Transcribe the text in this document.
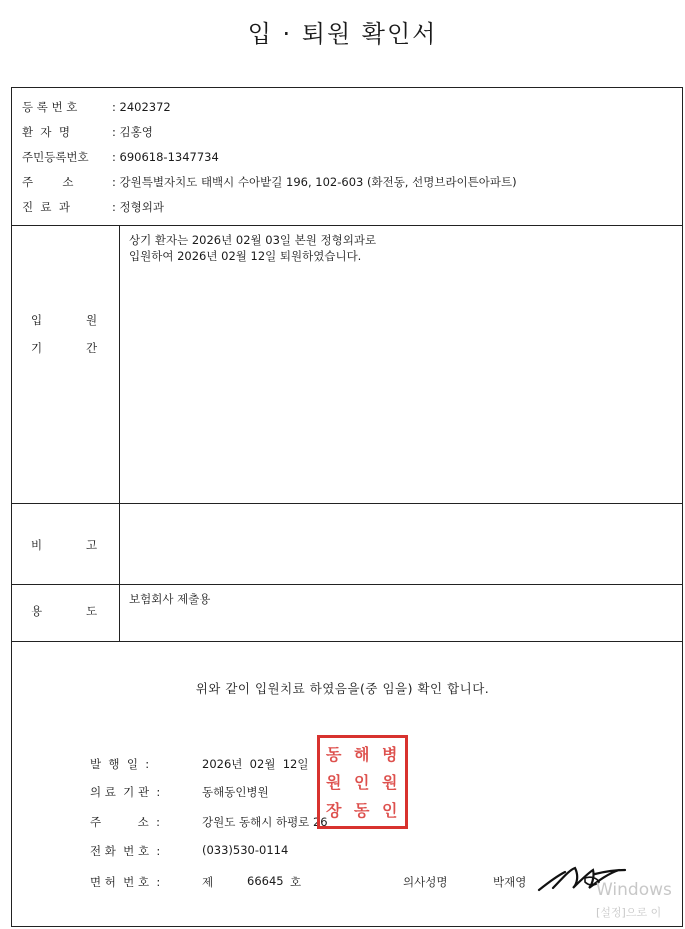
입 · 퇴원 확인서
등 록 번 호	: 2402372
환  자  명	: 김홍영
주민등록번호 : 690618-1347734
주        소	: 강원특별자치도 태백시 수아밭길 196, 102-603 (화전동, 선명브라이튼아파트)
진  료  과	: 정형외과
입	원
기	간
상기 환자는 2026년 02월 03일 본원 정형외과로
입원하여 2026년 02월 12일 퇴원하였습니다.
비	고
용	도
보험회사 제출용
위와 같이 입원치료 하였음을(중 임을) 확인 합니다.
발  행  일  :	2026년  02월  12일
의 료  기 관  :	동해동인병원
주          소  :	강원도 동해시 하평로 26
전 화  번 호  :	(033)530-0114
면 허  번 호  :	제	66645 호	의사성명	박재영
동 해 병
원 인 원
장 동 인
Windows
[설정]으로 이
